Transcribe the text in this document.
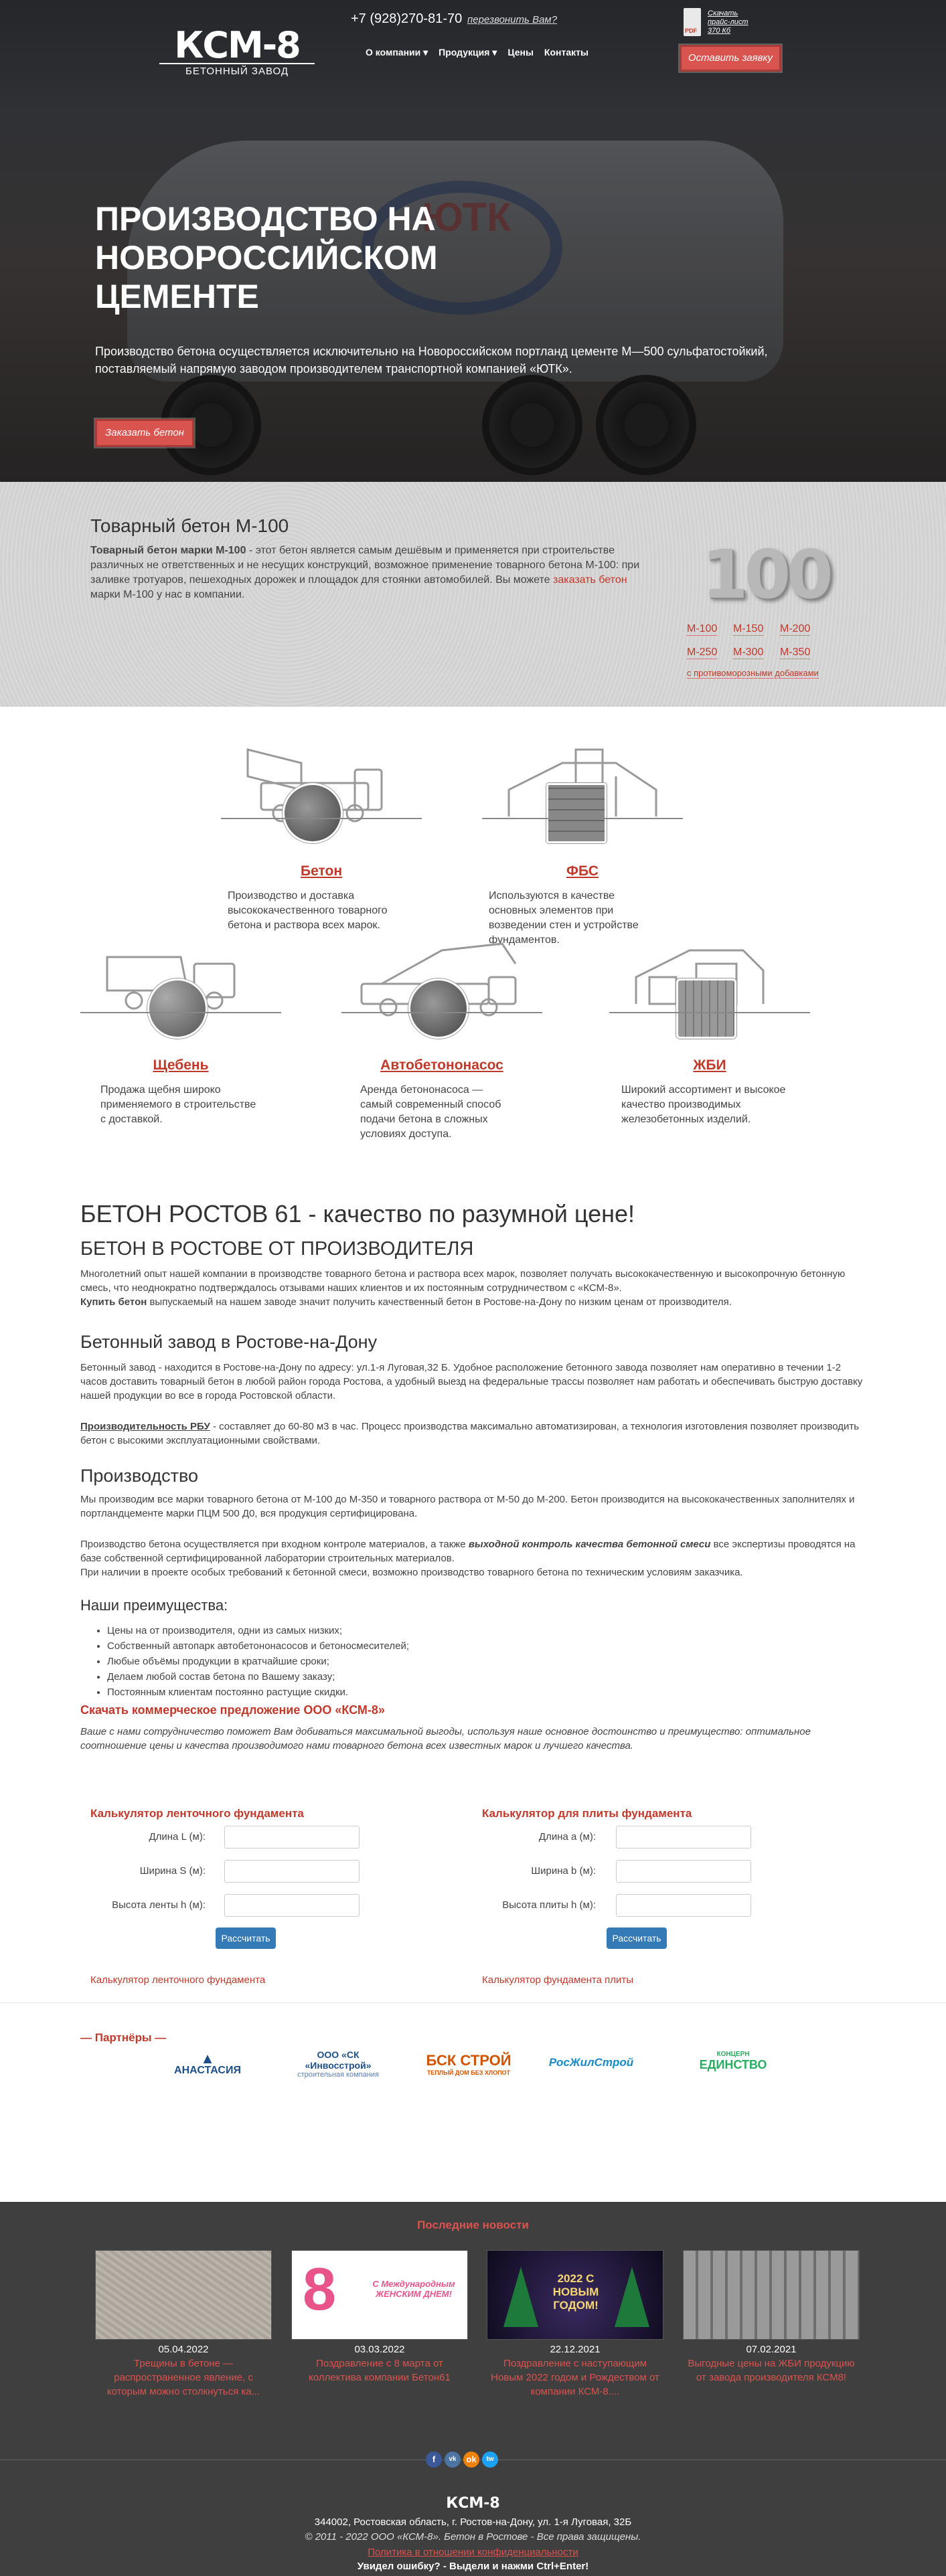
КСМ-8
БЕТОННЫЙ ЗАВОД
+7 (928)270-81-70 перезвонить Вам?
О компании ▾ Продукция ▾ Цены Контакты
PDF
Скачать прайс-лист 370 Кб
Оставить заявку
ПРОИЗВОДСТВО НА НОВОРОССИЙСКОМ ЦЕМЕНТЕ
Производство бетона осуществляется исключительно на Новороссийском портланд цементе М—500 сульфатостойкий, поставляемый напрямую заводом производителем транспортной компанией «ЮТК».
Заказать бетон
Товарный бетон М-100
Товарный бетон марки М-100 - этот бетон является самым дешёвым и применяется при строительстве различных не ответственных и не несущих конструкций, возможное применение товарного бетона М-100: при заливке тротуаров, пешеходных дорожек и площадок для стоянки автомобилей. Вы можете заказать бетон марки М-100 у нас в компании.	100
М-100 М-150 М-200
М-250 М-300 М-350
с противоморозными добавками
Бетон
Производство и доставка высококачественного товарного бетона и раствора всех марок.
ФБС
Используются в качестве основных элементов при возведении стен и устройстве фундаментов.
Щебень
Продажа щебня широко применяемого в строительстве с доставкой.
Автобетононасос
Аренда бетононасоса — самый современный способ подачи бетона в сложных условиях доступа.
ЖБИ
Широкий ассортимент и высокое качество производимых железобетонных изделий.
БЕТОН РОСТОВ 61 - качество по разумной цене!
БЕТОН В РОСТОВЕ ОТ ПРОИЗВОДИТЕЛЯ
Многолетний опыт нашей компании в производстве товарного бетона и раствора всех марок, позволяет получать высококачественную и высокопрочную бетонную смесь, что неоднократно подтверждалось отзывами наших клиентов и их постоянным сотрудничеством с «КСМ-8».
Купить бетон выпускаемый на нашем заводе значит получить качественный бетон в Ростове-на-Дону по низким ценам от производителя.
Бетонный завод в Ростове-на-Дону
Бетонный завод - находится в Ростове-на-Дону по адресу: ул.1-я Луговая,32 Б. Удобное расположение бетонного завода позволяет нам оперативно в течении 1-2 часов доставить товарный бетон в любой район города Ростова, а удобный выезд на федеральные трассы позволяет нам работать и обеспечивать быструю доставку нашей продукции во все в города Ростовской области.
Производительность РБУ - составляет до 60-80 м3 в час. Процесс производства максимально автоматизирован, а технология изготовления позволяет производить бетон с высокими эксплуатационными свойствами.
Производство
Мы производим все марки товарного бетона от М-100 до М-350 и товарного раствора от М-50 до М-200. Бетон производится на высококачественных заполнителях и портландцементе марки ПЦМ 500 Д0, вся продукция сертифицирована.
Производство бетона осуществляется при входном контроле материалов, а также выходной контроль качества бетонной смеси все экспертизы проводятся на базе собственной сертифицированной лаборатории строительных материалов.
При наличии в проекте особых требований к бетонной смеси, возможно производство товарного бетона по техническим условиям заказчика.
Наши преимущества:
• Цены на от производителя, одни из самых низких;
• Собственный автопарк автобетононасосов и бетоносмесителей;
• Любые объёмы продукции в кратчайшие сроки;
• Делаем любой состав бетона по Вашему заказу;
• Постоянным клиентам постоянно растущие скидки.
Скачать коммерческое предложение ООО «КСМ-8»
Ваше с нами сотрудничество поможет Вам добиваться максимальной выгоды, используя наше основное достоинство и преимущество: оптимальное соотношение цены и качества производимого нами товарного бетона всех известных марок и лучшего качества.
Калькулятор ленточного фундамента
Длина L (м):
Ширина S (м):
Высота ленты h (м):
Рассчитать
Калькулятор ленточного фундамента
Калькулятор для плиты фундамента
Длина a (м):
Ширина b (м):
Высота плиты h (м):
Рассчитать
Калькулятор фундамента плиты
— Партнёры —
▲
АНАСТАСИЯ
ООО «СК «Инвосстрой»
строительная компания
БСК СТРОЙ
ТЕПЛЫЙ ДОМ БЕЗ ХЛОПОТ
РосЖилСтрой
КОНЦЕРН
ЕДИНСТВО
Последние новости
05.04.2022
Трещины в бетоне — распространенное явление, с которым можно столкнуться ка...
8	С Международным ЖЕНСКИМ ДНЕМ!
03.03.2022
Поздравление с 8 марта от коллектива компании Бетон61
2022 С НОВЫМ ГОДОМ!
22.12.2021
Поздравление с наступающим Новым 2022 годом и Рождеством от компании КСМ-8....
07.02.2021
Выгодные цены на ЖБИ продукцию от завода производителя КСМ8!
f	vk	ok	tw
КСМ-8
344002, Ростовская область, г. Ростов-на-Дону, ул. 1-я Луговая, 32Б
© 2011 - 2022 ООО «КСМ-8». Бетон в Ростове - Все права защищены.
Политика в отношении конфиденциальности
Увидел ошибку? - Выдели и нажми Ctrl+Enter!
